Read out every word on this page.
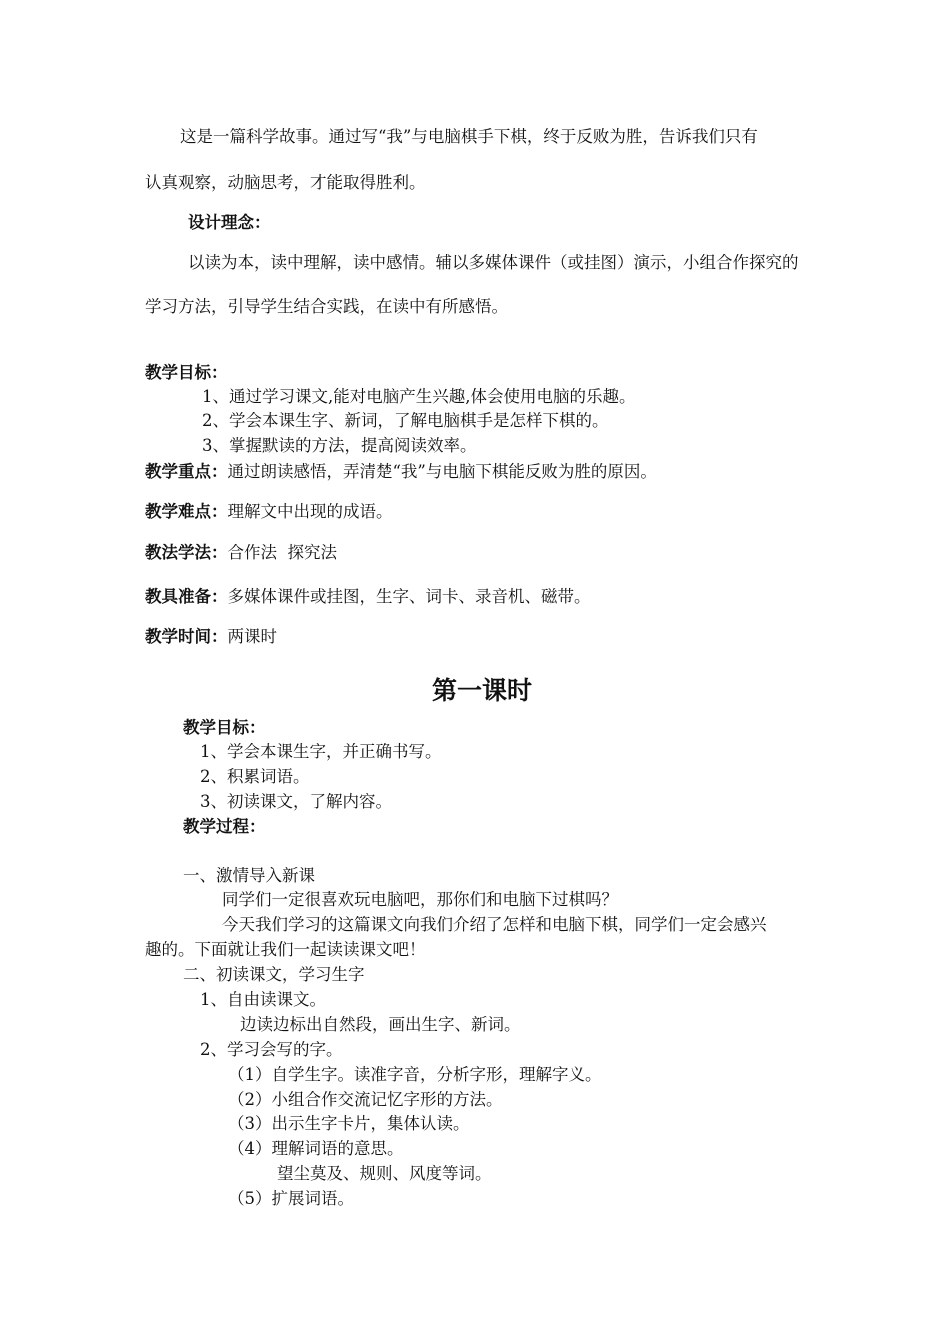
这是一篇科学故事。通过写“我”与电脑棋手下棋，终于反败为胜，告诉我们只有
认真观察，动脑思考，才能取得胜利。
设计理念：
以读为本，读中理解，读中感情。辅以多媒体课件（或挂图）演示，小组合作探究的
学习方法，引导学生结合实践，在读中有所感悟。
教学目标：
1、通过学习课文,能对电脑产生兴趣,体会使用电脑的乐趣。
2、学会本课生字、新词，了解电脑棋手是怎样下棋的。
3、掌握默读的方法，提高阅读效率。
教学重点：通过朗读感悟，弄清楚“我”与电脑下棋能反败为胜的原因。
教学难点：理解文中出现的成语。
教法学法：合作法  探究法
教具准备：多媒体课件或挂图，生字、词卡、录音机、磁带。
教学时间：两课时
第一课时
教学目标：
1、学会本课生字，并正确书写。
2、积累词语。
3、初读课文，了解内容。
教学过程：
一、激情导入新课
同学们一定很喜欢玩电脑吧，那你们和电脑下过棋吗？
今天我们学习的这篇课文向我们介绍了怎样和电脑下棋，同学们一定会感兴
趣的。下面就让我们一起读读课文吧！
二、初读课文，学习生字
1、自由读课文。
边读边标出自然段，画出生字、新词。
2、学习会写的字。
（1）自学生字。读准字音，分析字形，理解字义。
（2）小组合作交流记忆字形的方法。
（3）出示生字卡片，集体认读。
（4）理解词语的意思。
望尘莫及、规则、风度等词。
（5）扩展词语。
